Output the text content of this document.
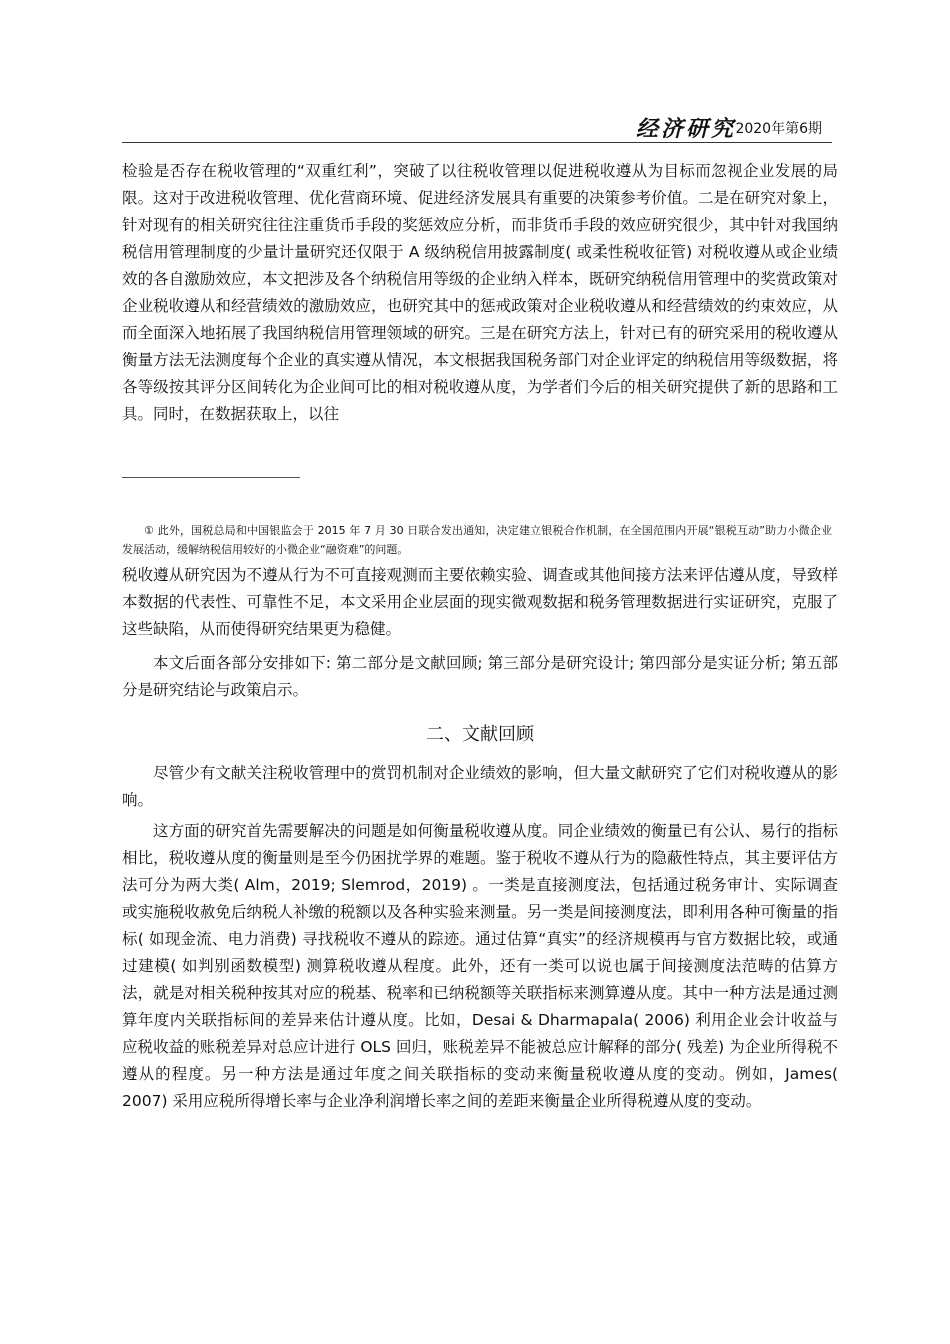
经济研究 2020年第6期

检验是否存在税收管理的“双重红利”，突破了以往税收管理以促进税收遵从为目标而忽视企业发展的局限。这对于改进税收管理、优化营商环境、促进经济发展具有重要的决策参考价值。二是在研究对象上，针对现有的相关研究往往注重货币手段的奖惩效应分析，而非货币手段的效应研究很少，其中针对我国纳税信用管理制度的少量计量研究还仅限于 A 级纳税信用披露制度( 或柔性税收征管) 对税收遵从或企业绩效的各自激励效应，本文把涉及各个纳税信用等级的企业纳入样本，既研究纳税信用管理中的奖赏政策对企业税收遵从和经营绩效的激励效应，也研究其中的惩戒政策对企业税收遵从和经营绩效的约束效应，从而全面深入地拓展了我国纳税信用管理领域的研究。三是在研究方法上，针对已有的研究采用的税收遵从衡量方法无法测度每个企业的真实遵从情况，本文根据我国税务部门对企业评定的纳税信用等级数据，将各等级按其评分区间转化为企业间可比的相对税收遵从度，为学者们今后的相关研究提供了新的思路和工具。同时，在数据获取上，以往

① 此外，国税总局和中国银监会于 2015 年 7 月 30 日联合发出通知，决定建立银税合作机制，在全国范围内开展“银税互动”助力小微企业发展活动，缓解纳税信用较好的小微企业“融资难”的问题。

税收遵从研究因为不遵从行为不可直接观测而主要依赖实验、调查或其他间接方法来评估遵从度，导致样本数据的代表性、可靠性不足，本文采用企业层面的现实微观数据和税务管理数据进行实证研究，克服了这些缺陷，从而使得研究结果更为稳健。

本文后面各部分安排如下: 第二部分是文献回顾; 第三部分是研究设计; 第四部分是实证分析; 第五部分是研究结论与政策启示。

二、文献回顾

尽管少有文献关注税收管理中的赏罚机制对企业绩效的影响，但大量文献研究了它们对税收遵从的影响。

这方面的研究首先需要解决的问题是如何衡量税收遵从度。同企业绩效的衡量已有公认、易行的指标相比，税收遵从度的衡量则是至今仍困扰学界的难题。鉴于税收不遵从行为的隐蔽性特点，其主要评估方法可分为两大类( Alm，2019; Slemrod，2019) 。一类是直接测度法，包括通过税务审计、实际调查或实施税收赦免后纳税人补缴的税额以及各种实验来测量。另一类是间接测度法，即利用各种可衡量的指标( 如现金流、电力消费) 寻找税收不遵从的踪迹。通过估算“真实”的经济规模再与官方数据比较，或通过建模( 如判别函数模型) 测算税收遵从程度。此外，还有一类可以说也属于间接测度法范畴的估算方法，就是对相关税种按其对应的税基、税率和已纳税额等关联指标来测算遵从度。其中一种方法是通过测算年度内关联指标间的差异来估计遵从度。比如，Desai & Dharmapala( 2006) 利用企业会计收益与应税收益的账税差异对总应计进行 OLS 回归，账税差异不能被总应计解释的部分( 残差) 为企业所得税不遵从的程度。另一种方法是通过年度之间关联指标的变动来衡量税收遵从度的变动。例如，James( 2007) 采用应税所得增长率与企业净利润增长率之间的差距来衡量企业所得税遵从度的变动。
